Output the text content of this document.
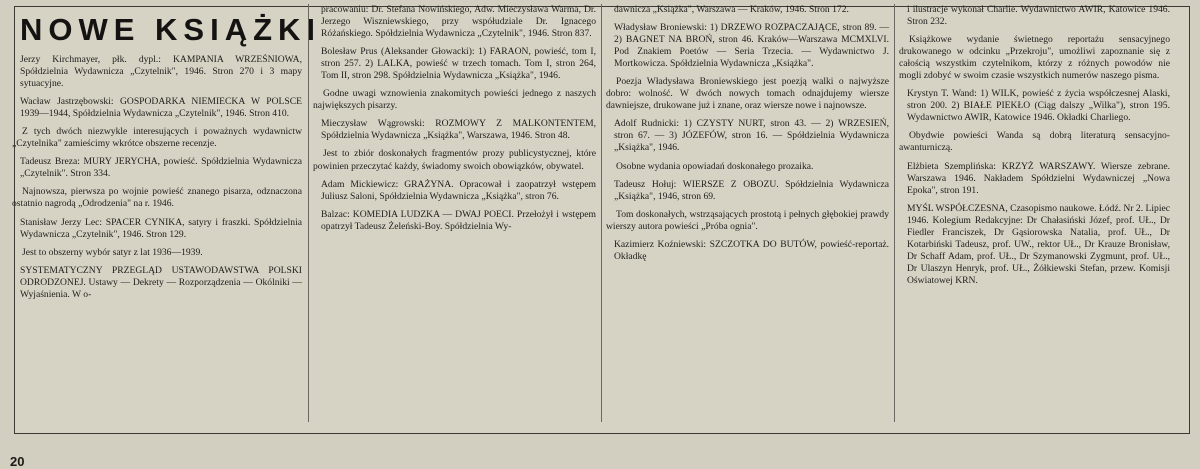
NOWE KSIĄŻKI

Jerzy Kirchmayer, płk. dypl.: KAMPANIA WRZEŚNIOWA, Spółdzielnia Wydawnicza „Czytelnik", 1946. Stron 270 i 3 mapy sytuacyjne.

Wacław Jastrzębowski: GOSPODARKA NIEMIECKA W POLSCE 1939—1944, Spółdzielnia Wydawnicza „Czytelnik", 1946. Stron 410.

Z tych dwóch niezwykle interesujących i poważnych wydawnictw „Czytelnika" zamieścimy wkrótce obszerne recenzje.

Tadeusz Breza: MURY JERYCHA, powieść. Spółdzielnia Wydawnicza „Czytelnik". Stron 334.

Najnowsza, pierwsza po wojnie powieść znanego pisarza, odznaczona ostatnio nagrodą „Odrodzenia" na r. 1946.

Stanisław Jerzy Lec: SPACER CYNIKA, satyry i fraszki. Spółdzielnia Wydawnicza „Czytelnik", 1946. Stron 129.

Jest to obszerny wybór satyr z lat 1936—1939.

SYSTEMATYCZNY PRZEGLĄD USTAWODAWSTWA POLSKI ODRODZONEJ. Ustawy — Dekrety — Rozporządzenia — Okólniki — Wyjaśnienia. W o-

pracowaniu: Dr. Stefana Nowińskiego, Adw. Mieczysława Warma, Dr. Jerzego Wiszniewskiego, przy współudziale Dr. Ignacego Różańskiego. Spółdzielnia Wydawnicza „Czytelnik", 1946. Stron 837.

Bolesław Prus (Aleksander Głowacki): 1) FARAON, powieść, tom I, stron 257. 2) LALKA, powieść w trzech tomach. Tom I, stron 264, Tom II, stron 298. Spółdzielnia Wydawnicza „Książka", 1946.

Godne uwagi wznowienia znakomitych powieści jednego z naszych największych pisarzy.

Mieczysław Wągrowski: ROZMOWY Z MALKONTENTEM, Spółdzielnia Wydawnicza „Książka", Warszawa, 1946. Stron 48.

Jest to zbiór doskonałych fragmentów prozy publicystycznej, które powinien przeczytać każdy, świadomy swoich obowiązków, obywatel.

Adam Mickiewicz: GRAŻYNA. Opracował i zaopatrzył wstępem Juliusz Saloni, Spółdzielnia Wydawnicza „Książka", stron 76.

Balzac: KOMEDIA LUDZKA — DWAJ POECI. Przełożył i wstępem opatrzył Tadeusz Żeleński-Boy. Spółdzielnia Wy-

dawnicza „Książka", Warszawa — Kraków, 1946. Stron 172.

Władysław Broniewski: 1) DRZEWO ROZPACZAJĄCE, stron 89. — 2) BAGNET NA BROŃ, stron 46. Kraków—Warszawa MCMXLVI. Pod Znakiem Poetów — Seria Trzecia. — Wydawnictwo J. Mortkowicza. Spółdzielnia Wydawnicza „Książka".

Poezja Władysława Broniewskiego jest poezją walki o najwyższe dobro: wolność. W dwóch nowych tomach odnajdujemy wiersze dawniejsze, drukowane już i znane, oraz wiersze nowe i najnowsze.

Adolf Rudnicki: 1) CZYSTY NURT, stron 43. — 2) WRZESIEŃ, stron 67. — 3) JÓZEFÓW, stron 16. — Spółdzielnia Wydawnicza „Książka", 1946.

Osobne wydania opowiadań doskonałego prozaika.

Tadeusz Hołuj: WIERSZE Z OBOZU. Spółdzielnia Wydawnicza „Książka", 1946, stron 69.

Tom doskonałych, wstrząsających prostotą i pełnych głębokiej prawdy wierszy autora powieści „Próba ognia".

Kazimierz Koźniewski: SZCZOTKA DO BUTÓW, powieść-reportaż. Okładkę

i ilustracje wykonał Charlie. Wydawnictwo AWIR, Katowice 1946. Stron 232.

Książkowe wydanie świetnego reportażu sensacyjnego drukowanego w odcinku „Przekroju", umożliwi zapoznanie się z całością wszystkim czytelnikom, którzy z różnych powodów nie mogli zdobyć w swoim czasie wszystkich numerów naszego pisma.

Krystyn T. Wand: 1) WILK, powieść z życia współczesnej Alaski, stron 200. 2) BIAŁE PIEKŁO (Ciąg dalszy „Wilka"), stron 195. Wydawnictwo AWIR, Katowice 1946. Okładki Charliego.

Obydwie powieści Wanda są dobrą literaturą sensacyjno-awanturniczą.

Elżbieta Szemplińska: KRZYŻ WARSZAWY. Wiersze zebrane. Warszawa 1946. Nakładem Spółdzielni Wydawniczej „Nowa Epoka", stron 191.

MYŚL WSPÓŁCZESNA, Czasopismo naukowe. Łódź. Nr 2. Lipiec 1946. Kolegium Redakcyjne: Dr Chałasiński Józef, prof. UŁ., Dr Fiedler Franciszek, Dr Gąsiorowska Natalia, prof. UŁ., Dr Kotarbiński Tadeusz, prof. UW., rektor UŁ., Dr Krauze Bronisław, Dr Schaff Adam, prof. UŁ., Dr Szymanowski Zygmunt, prof. UŁ., Dr Ulaszyn Henryk, prof. UŁ., Żółkiewski Stefan, przew. Komisji Oświatowej KRN.

20
